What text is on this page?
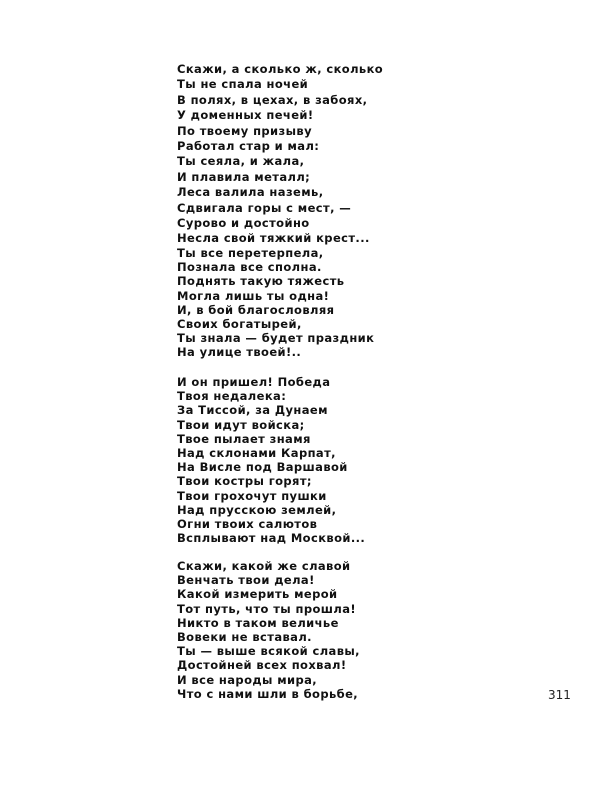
Скажи, а сколько ж, сколько
Ты не спала ночей
В полях, в цехах, в забоях,
У доменных печей!
По твоему призыву
Работал стар и мал:
Ты сеяла, и жала,
И плавила металл;
Леса валила наземь,
Сдвигала горы с мест, —
Сурово и достойно
Несла свой тяжкий крест...
Ты все перетерпела,
Познала все сполна.
Поднять такую тяжесть
Могла лишь ты одна!
И, в бой благословляя
Своих богатырей,
Ты знала — будет праздник
На улице твоей!..
И он пришел! Победа
Твоя недалека:
За Тиссой, за Дунаем
Твои идут войска;
Твое пылает знамя
Над склонами Карпат,
На Висле под Варшавой
Твои костры горят;
Твои грохочут пушки
Над прусскою землей,
Огни твоих салютов
Всплывают над Москвой...
Скажи, какой же славой
Венчать твои дела!
Какой измерить мерой
Тот путь, что ты прошла!
Никто в таком величье
Вовеки не вставал.
Ты — выше всякой славы,
Достойней всех похвал!
И все народы мира,
Что с нами шли в борьбе,	311
